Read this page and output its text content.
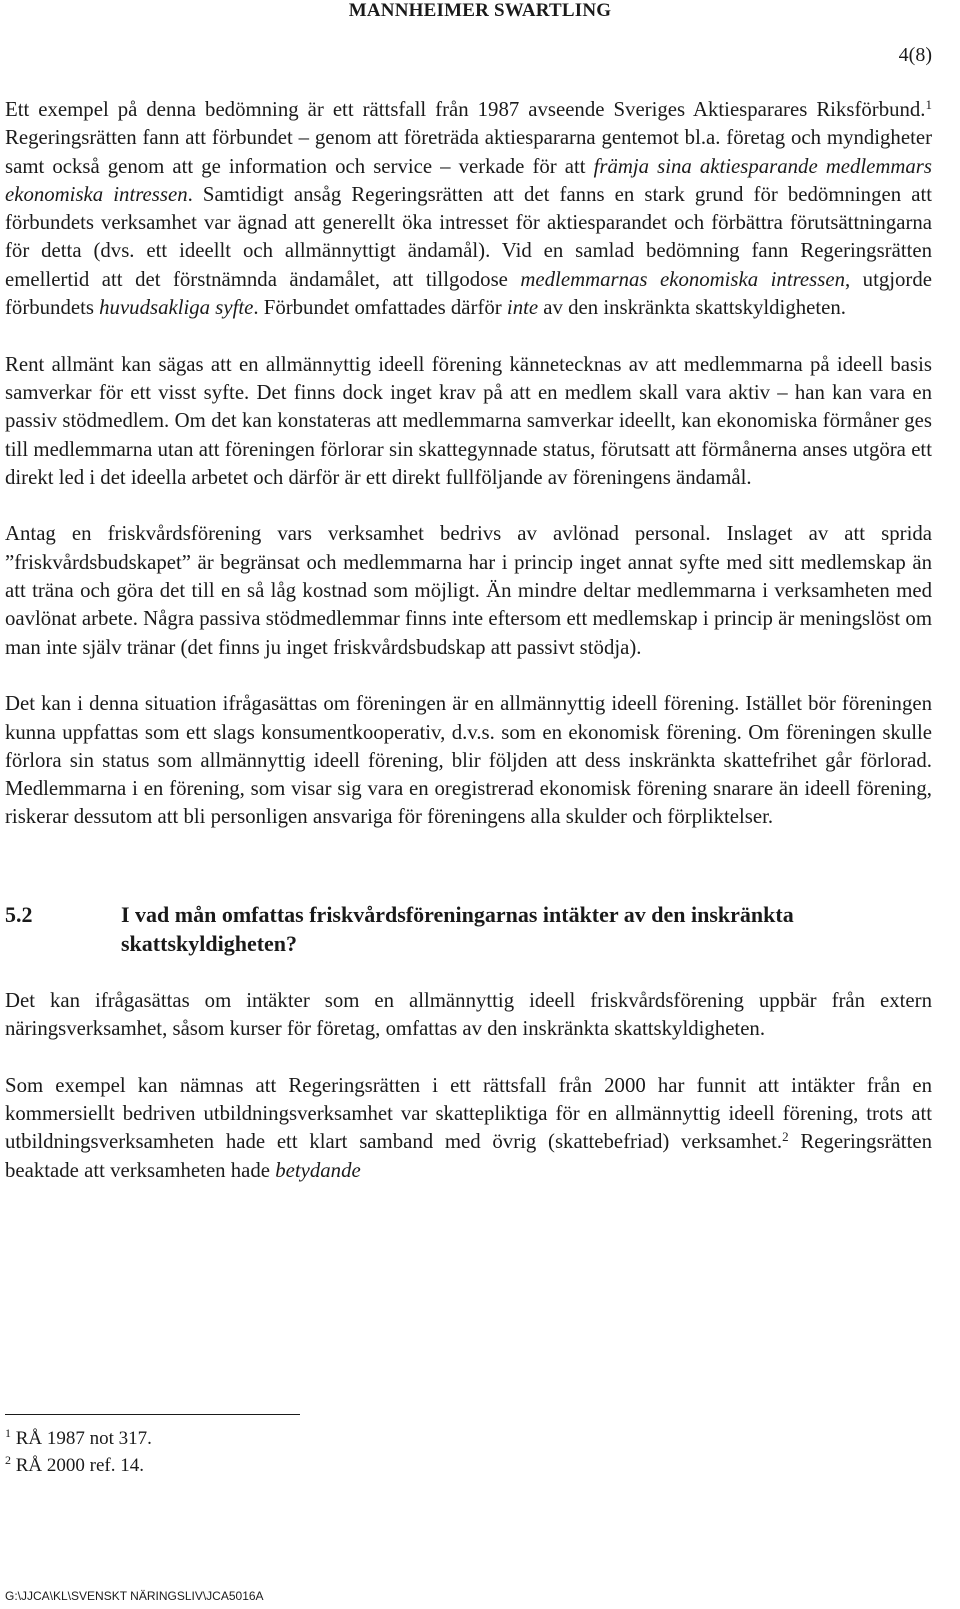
MANNHEIMER SWARTLING
4(8)

Ett exempel på denna bedömning är ett rättsfall från 1987 avseende Sveriges Aktiesparares Riksförbund.$^1$ Regeringsrätten fann att förbundet – genom att företräda aktiespararna gentemot bl.a. företag och myndigheter samt också genom att ge information och service – verkade för att främja sina aktiesparande medlemmars ekonomiska intressen. Samtidigt ansåg Regeringsrätten att det fanns en stark grund för bedömningen att förbundets verksamhet var ägnad att generellt öka intresset för aktiesparandet och förbättra förutsättningarna för detta (dvs. ett ideellt och allmännyttigt ändamål). Vid en samlad bedömning fann Regeringsrätten emellertid att det förstnämnda ändamålet, att tillgodose medlemmarnas ekonomiska intressen, utgjorde förbundets huvudsakliga syfte. Förbundet omfattades därför inte av den inskränkta skattskyldigheten.

Rent allmänt kan sägas att en allmännyttig ideell förening kännetecknas av att medlemmarna på ideell basis samverkar för ett visst syfte. Det finns dock inget krav på att en medlem skall vara aktiv – han kan vara en passiv stödmedlem. Om det kan konstateras att medlemmarna samverkar ideellt, kan ekonomiska förmåner ges till medlemmarna utan att föreningen förlorar sin skattegynnade status, förutsatt att förmånerna anses utgöra ett direkt led i det ideella arbetet och därför är ett direkt fullföljande av föreningens ändamål.

Antag en friskvårdsförening vars verksamhet bedrivs av avlönad personal. Inslaget av att sprida ”friskvårdsbudskapet” är begränsat och medlemmarna har i princip inget annat syfte med sitt medlemskap än att träna och göra det till en så låg kostnad som möjligt. Än mindre deltar medlemmarna i verksamheten med oavlönat arbete. Några passiva stödmedlemmar finns inte eftersom ett medlemskap i princip är meningslöst om man inte själv tränar (det finns ju inget friskvårdsbudskap att passivt stödja).

Det kan i denna situation ifrågasättas om föreningen är en allmännyttig ideell förening. Istället bör föreningen kunna uppfattas som ett slags konsumentkooperativ, d.v.s. som en ekonomisk förening. Om föreningen skulle förlora sin status som allmännyttig ideell förening, blir följden att dess inskränkta skattefrihet går förlorad. Medlemmarna i en förening, som visar sig vara en oregistrerad ekonomisk förening snarare än ideell förening, riskerar dessutom att bli personligen ansvariga för föreningens alla skulder och förpliktelser.

5.2	I vad mån omfattas friskvårdsföreningarnas intäkter av den inskränkta skattskyldigheten?

Det kan ifrågasättas om intäkter som en allmännyttig ideell friskvårdsförening uppbär från extern näringsverksamhet, såsom kurser för företag, omfattas av den inskränkta skattskyldigheten.

Som exempel kan nämnas att Regeringsrätten i ett rättsfall från 2000 har funnit att intäkter från en kommersiellt bedriven utbildningsverksamhet var skattepliktiga för en allmännyttig ideell förening, trots att utbildningsverksamheten hade ett klart samband med övrig (skattebefriad) verksamhet.$^2$ Regeringsrätten beaktade att verksamheten hade betydande

$^1$ RÅ 1987 not 317.
$^2$ RÅ 2000 ref. 14.
G:\JJCA\KL\SVENSKT NÄRINGSLIV\JCA5016A
